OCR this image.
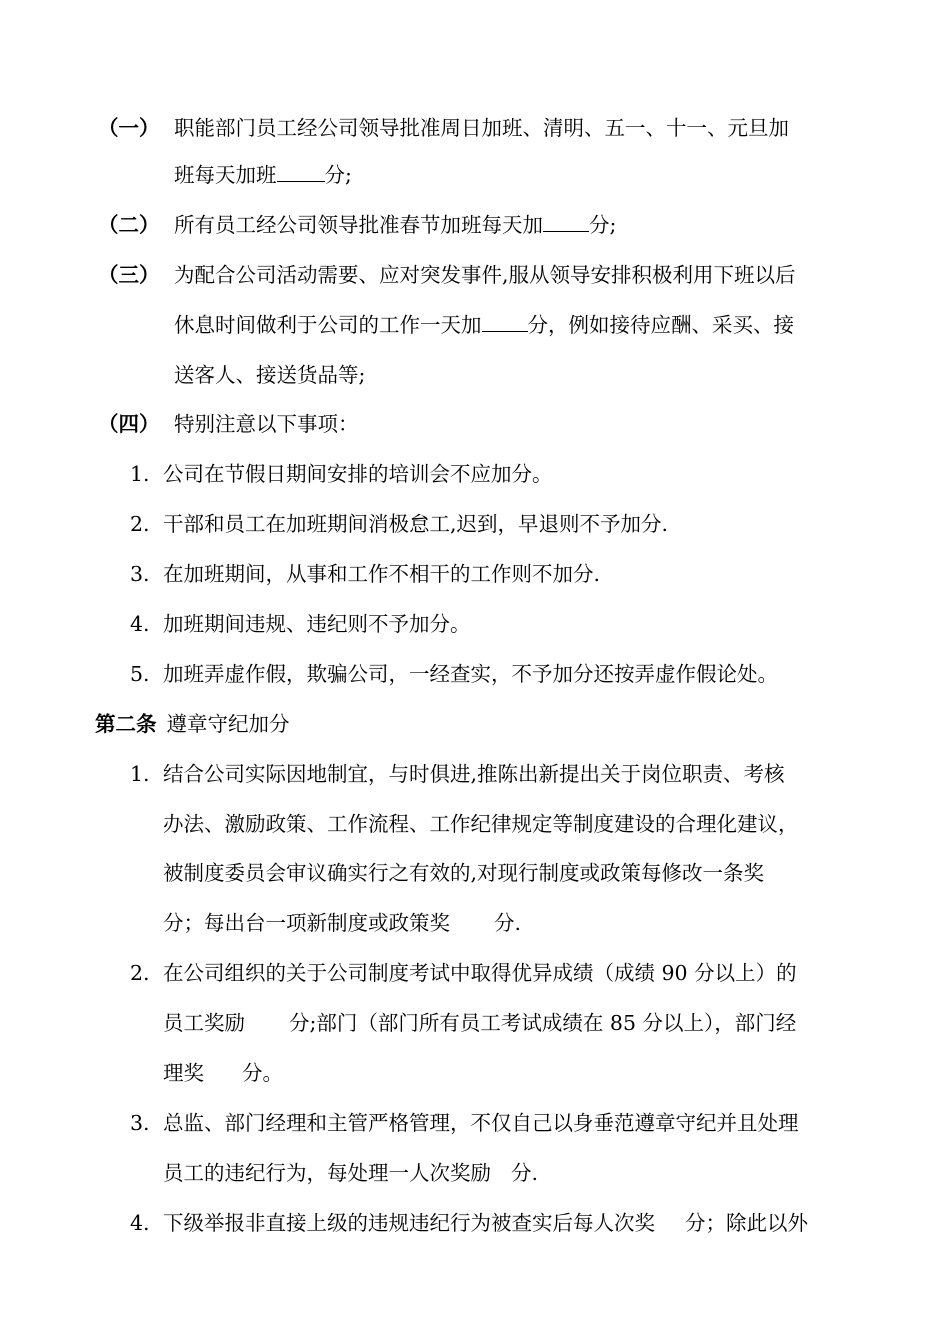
（一） 职能部门员工经公司领导批准周日加班、清明、五一、十一、元旦加
班每天加班 分;
（二） 所有员工经公司领导批准春节加班每天加 分;
（三） 为配合公司活动需要、应对突发事件,服从领导安排积极利用下班以后
休息时间做利于公司的工作一天加 分，例如接待应酬、采买、接
送客人、接送货品等;
（四） 特别注意以下事项：
1. 公司在节假日期间安排的培训会不应加分。
2. 干部和员工在加班期间消极怠工,迟到，早退则不予加分.
3. 在加班期间，从事和工作不相干的工作则不加分.
4. 加班期间违规、违纪则不予加分。
5. 加班弄虚作假，欺骗公司，一经查实，不予加分还按弄虚作假论处。
第二条 遵章守纪加分
1. 结合公司实际因地制宜，与时俱进,推陈出新提出关于岗位职责、考核
办法、激励政策、工作流程、工作纪律规定等制度建设的合理化建议，
被制度委员会审议确实行之有效的,对现行制度或政策每修改一条奖
分；每出台一项新制度或政策奖 分.
2. 在公司组织的关于公司制度考试中取得优异成绩（成绩 90 分以上）的
员工奖励 分;部门（部门所有员工考试成绩在 85 分以上），部门经
理奖 分。
3. 总监、部门经理和主管严格管理，不仅自己以身垂范遵章守纪并且处理
员工的违纪行为，每处理一人次奖励 分.
4. 下级举报非直接上级的违规违纪行为被查实后每人次奖 分；除此以外
